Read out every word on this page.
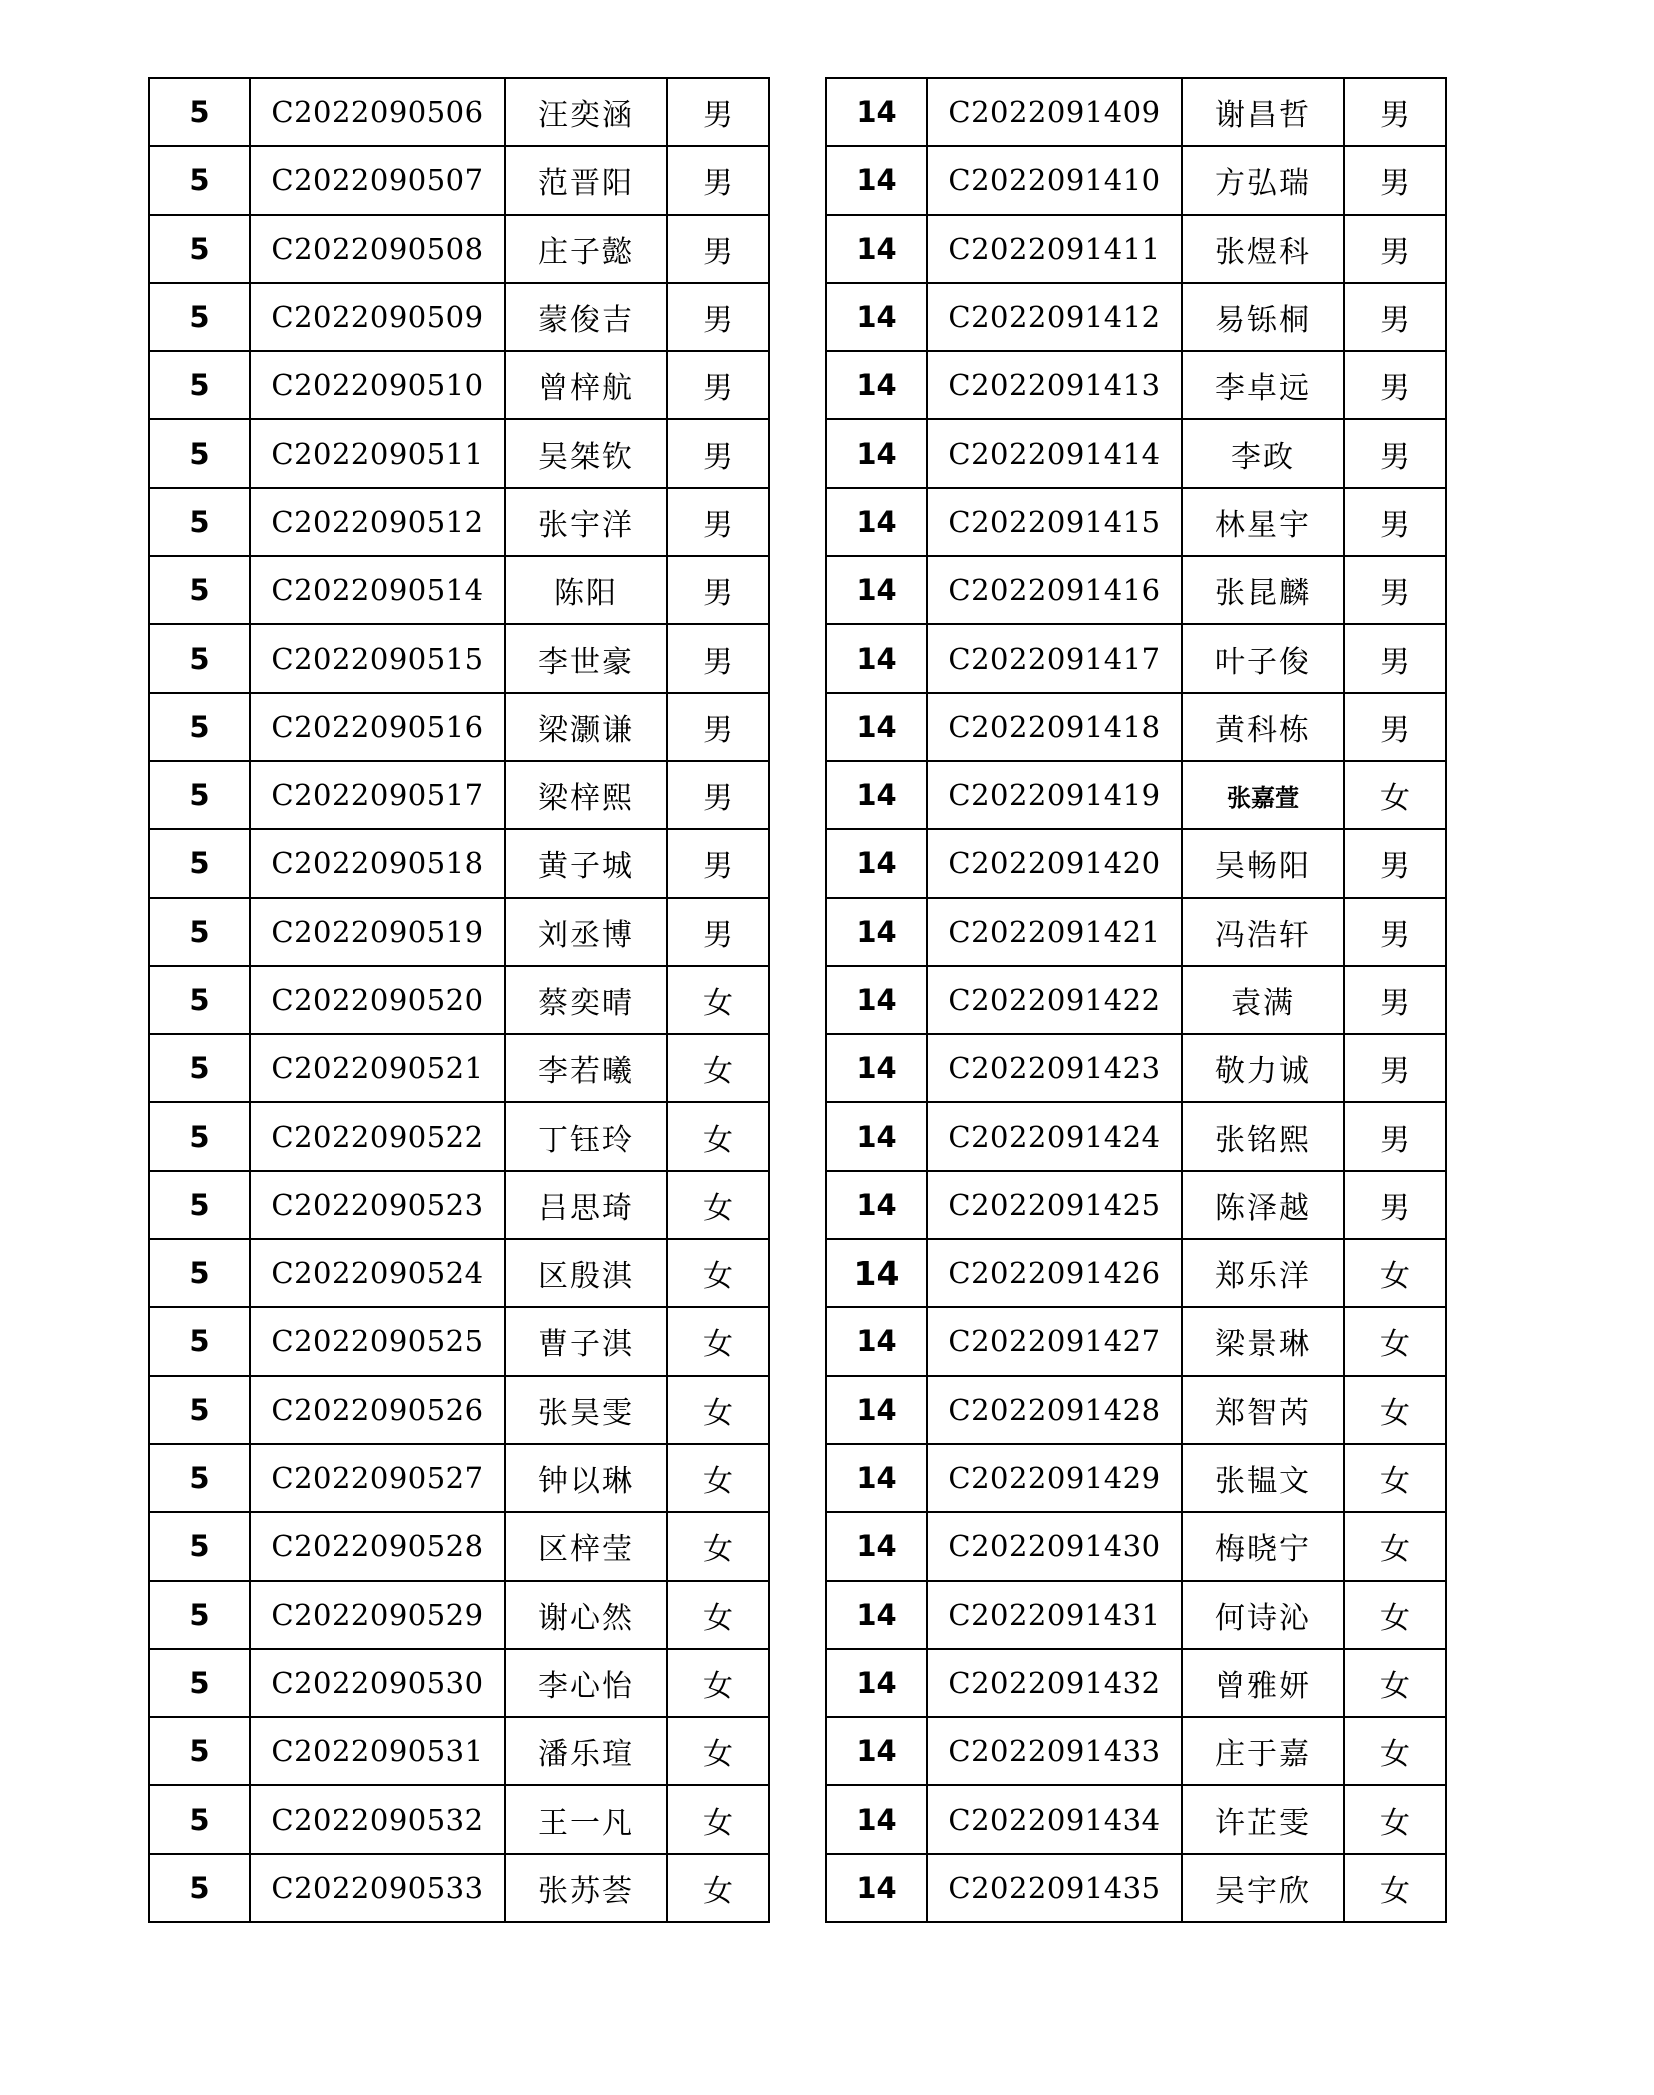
5	C2022090506	汪奕涵	男
5	C2022090507	范晋阳	男
5	C2022090508	庄子懿	男
5	C2022090509	蒙俊吉	男
5	C2022090510	曾梓航	男
5	C2022090511	吴桀钦	男
5	C2022090512	张宇洋	男
5	C2022090514	陈阳	男
5	C2022090515	李世豪	男
5	C2022090516	梁灏谦	男
5	C2022090517	梁梓熙	男
5	C2022090518	黄子城	男
5	C2022090519	刘丞博	男
5	C2022090520	蔡奕晴	女
5	C2022090521	李若曦	女
5	C2022090522	丁钰玲	女
5	C2022090523	吕思琦	女
5	C2022090524	区殷淇	女
5	C2022090525	曹子淇	女
5	C2022090526	张昊雯	女
5	C2022090527	钟以琳	女
5	C2022090528	区梓莹	女
5	C2022090529	谢心然	女
5	C2022090530	李心怡	女
5	C2022090531	潘乐瑄	女
5	C2022090532	王一凡	女
5	C2022090533	张苏荟	女
14	C2022091409	谢昌哲	男
14	C2022091410	方弘瑞	男
14	C2022091411	张煜科	男
14	C2022091412	易铄桐	男
14	C2022091413	李卓远	男
14	C2022091414	李政	男
14	C2022091415	林星宇	男
14	C2022091416	张昆麟	男
14	C2022091417	叶子俊	男
14	C2022091418	黄科栋	男
14	C2022091419	张嘉萱	女
14	C2022091420	吴畅阳	男
14	C2022091421	冯浩轩	男
14	C2022091422	袁满	男
14	C2022091423	敬力诚	男
14	C2022091424	张铭熙	男
14	C2022091425	陈泽越	男
14	C2022091426	郑乐洋	女
14	C2022091427	梁景琳	女
14	C2022091428	郑智芮	女
14	C2022091429	张韫文	女
14	C2022091430	梅晓宁	女
14	C2022091431	何诗沁	女
14	C2022091432	曾雅妍	女
14	C2022091433	庄于嘉	女
14	C2022091434	许芷雯	女
14	C2022091435	吴宇欣	女
